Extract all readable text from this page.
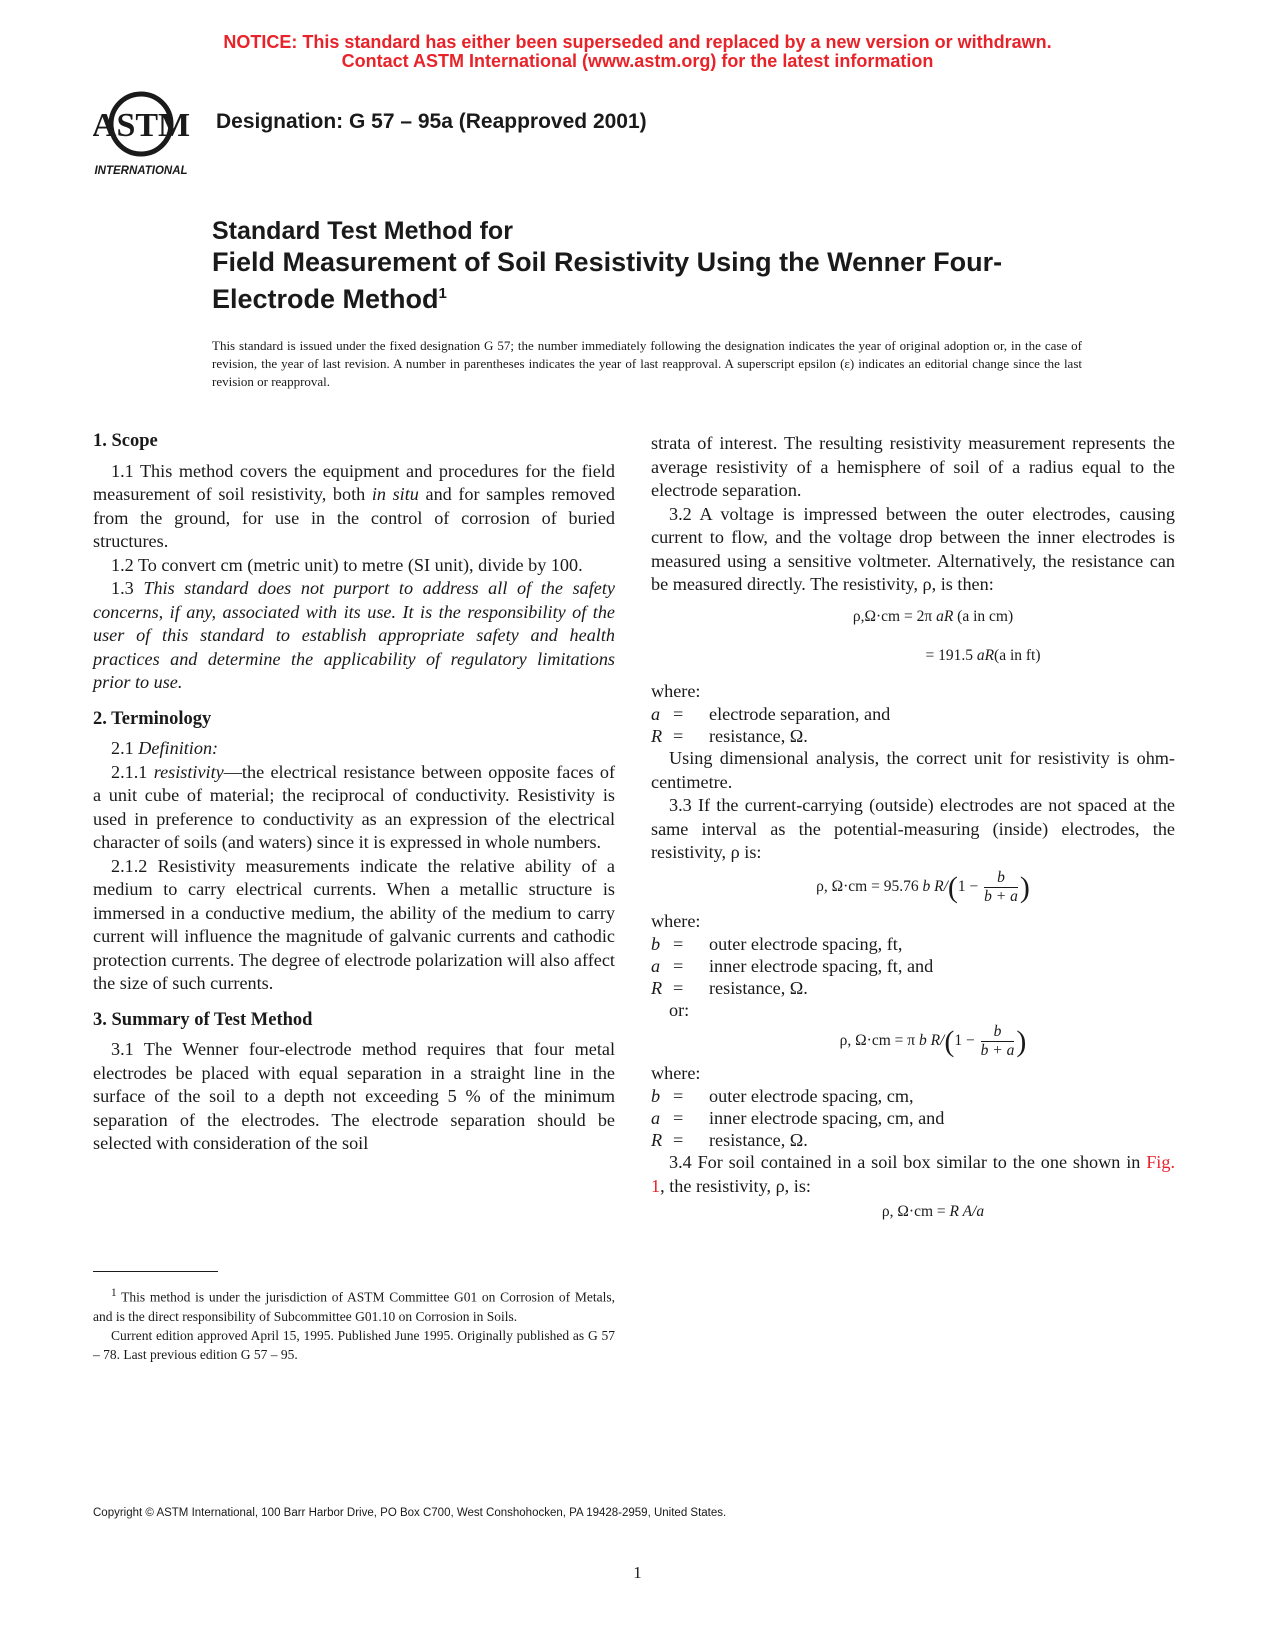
NOTICE: This standard has either been superseded and replaced by a new version or withdrawn.
Contact ASTM International (www.astm.org) for the latest information
ASTM
INTERNATIONAL
Designation: G 57 – 95a (Reapproved 2001)
Standard Test Method for
Field Measurement of Soil Resistivity Using the Wenner Four-Electrode Method$^1$
This standard is issued under the fixed designation G 57; the number immediately following the designation indicates the year of original adoption or, in the case of revision, the year of last revision. A number in parentheses indicates the year of last reapproval. A superscript epsilon (ε) indicates an editorial change since the last revision or reapproval.
1. Scope

1.1 This method covers the equipment and procedures for the field measurement of soil resistivity, both in situ and for samples removed from the ground, for use in the control of corrosion of buried structures.

1.2 To convert cm (metric unit) to metre (SI unit), divide by 100.

1.3 This standard does not purport to address all of the safety concerns, if any, associated with its use. It is the responsibility of the user of this standard to establish appropriate safety and health practices and determine the applicability of regulatory limitations prior to use.

2. Terminology

2.1 Definition:

2.1.1 resistivity—the electrical resistance between opposite faces of a unit cube of material; the reciprocal of conductivity. Resistivity is used in preference to conductivity as an expression of the electrical character of soils (and waters) since it is expressed in whole numbers.

2.1.2 Resistivity measurements indicate the relative ability of a medium to carry electrical currents. When a metallic structure is immersed in a conductive medium, the ability of the medium to carry current will influence the magnitude of galvanic currents and cathodic protection currents. The degree of electrode polarization will also affect the size of such currents.

3. Summary of Test Method

3.1 The Wenner four-electrode method requires that four metal electrodes be placed with equal separation in a straight line in the surface of the soil to a depth not exceeding 5 % of the minimum separation of the electrodes. The electrode separation should be selected with consideration of the soil

strata of interest. The resulting resistivity measurement represents the average resistivity of a hemisphere of soil of a radius equal to the electrode separation.

3.2 A voltage is impressed between the outer electrodes, causing current to flow, and the voltage drop between the inner electrodes is measured using a sensitive voltmeter. Alternatively, the resistance can be measured directly. The resistivity, ρ, is then:

ρ,Ω·cm = 2π aR (a in cm)
= 191.5 aR(a in ft)

where:

a =	electrode separation, and
R =	resistance, Ω.

Using dimensional analysis, the correct unit for resistivity is ohm-centimetre.

3.3 If the current-carrying (outside) electrodes are not spaced at the same interval as the potential-measuring (inside) electrodes, the resistivity, ρ is:

ρ, Ω·cm = 95.76 b $R/(1 - \frac{b}{b + a}$ )

where:

b =	outer electrode spacing, ft,
a =	inner electrode spacing, ft, and
R =	resistance, Ω.

or:

ρ, Ω·cm = π b $R/(1 - \frac{b}{b + a}$ )

where:

b =	outer electrode spacing, cm,
a =	inner electrode spacing, cm, and
R =	resistance, Ω.

3.4 For soil contained in a soil box similar to the one shown in Fig. 1, the resistivity, ρ, is:

ρ, Ω·cm = R A/a

$^1$ This method is under the jurisdiction of ASTM Committee G01 on Corrosion of Metals, and is the direct responsibility of Subcommittee G01.10 on Corrosion in Soils.

Current edition approved April 15, 1995. Published June 1995. Originally published as G 57 – 78. Last previous edition G 57 – 95.

Copyright © ASTM International, 100 Barr Harbor Drive, PO Box C700, West Conshohocken, PA 19428-2959, United States.
1
